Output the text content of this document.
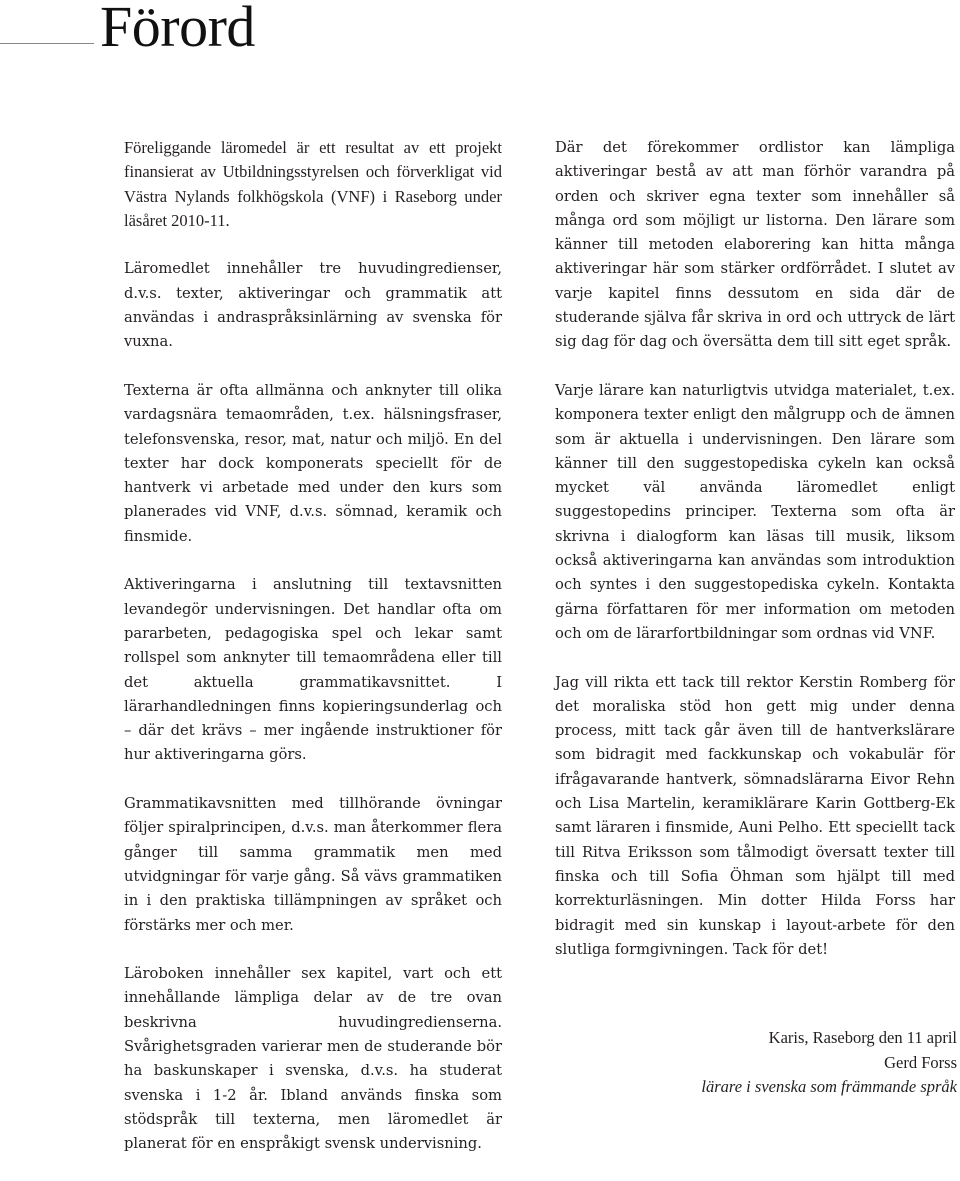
Förord

Föreliggande läromedel är ett resultat av ett projekt finansierat av Utbildningsstyrelsen och förverkligat vid Västra Nylands folkhögskola (VNF) i Raseborg under läsåret 2010-11.

Läromedlet innehåller tre huvudingredienser, d.v.s. texter, aktiveringar och grammatik att användas i andraspråksinlärning av svenska för vuxna.

Texterna är ofta allmänna och anknyter till olika vardagsnära temaområden, t.ex. hälsningsfraser, telefonsvenska, resor, mat, natur och miljö. En del texter har dock komponerats speciellt för de hantverk vi arbetade med under den kurs som planerades vid VNF, d.v.s. sömnad, keramik och finsmide.

Aktiveringarna i anslutning till textavsnitten levandegör undervisningen. Det handlar ofta om pararbeten, pedagogiska spel och lekar samt rollspel som anknyter till temaområdena eller till det aktuella grammatikavsnittet. I lärarhandledningen finns kopieringsunderlag och – där det krävs – mer ingående instruktioner för hur aktiveringarna görs.

Grammatikavsnitten med tillhörande övningar följer spiralprincipen, d.v.s. man återkommer flera gånger till samma grammatik men med utvidgningar för varje gång. Så vävs grammatiken in i den praktiska tillämpningen av språket och förstärks mer och mer.

Läroboken innehåller sex kapitel, vart och ett innehållande lämpliga delar av de tre ovan beskrivna huvudingredienserna. Svårighetsgraden varierar men de studerande bör ha baskunskaper i svenska, d.v.s. ha studerat svenska i 1-2 år. Ibland används finska som stödspråk till texterna, men läromedlet är planerat för en enspråkigt svensk undervisning.

Där det förekommer ordlistor kan lämpliga aktiveringar bestå av att man förhör varandra på orden och skriver egna texter som innehåller så många ord som möjligt ur listorna. Den lärare som känner till metoden elaborering kan hitta många aktiveringar här som stärker ordförrådet. I slutet av varje kapitel finns dessutom en sida där de studerande själva får skriva in ord och uttryck de lärt sig dag för dag och översätta dem till sitt eget språk.

Varje lärare kan naturligtvis utvidga materialet, t.ex. komponera texter enligt den målgrupp och de ämnen som är aktuella i undervisningen. Den lärare som känner till den suggestopediska cykeln kan också mycket väl använda läromedlet enligt suggestopedins principer. Texterna som ofta är skrivna i dialogform kan läsas till musik, liksom också aktiveringarna kan användas som introduktion och syntes i den suggestopediska cykeln. Kontakta gärna författaren för mer information om metoden och om de lärarfortbildningar som ordnas vid VNF.

Jag vill rikta ett tack till rektor Kerstin Romberg för det moraliska stöd hon gett mig under denna process, mitt tack går även till de hantverkslärare som bidragit med fackkunskap och vokabulär för ifrågavarande hantverk, sömnadslärarna Eivor Rehn och Lisa Martelin, keramiklärare Karin Gottberg-Ek samt läraren i finsmide, Auni Pelho. Ett speciellt tack till Ritva Eriksson som tålmodigt översatt texter till finska och till Sofia Öhman som hjälpt till med korrekturläsningen. Min dotter Hilda Forss har bidragit med sin kunskap i layout-arbete för den slutliga formgivningen. Tack för det!

Karis, Raseborg den 11 april
Gerd Forss
lärare i svenska som främmande språk
